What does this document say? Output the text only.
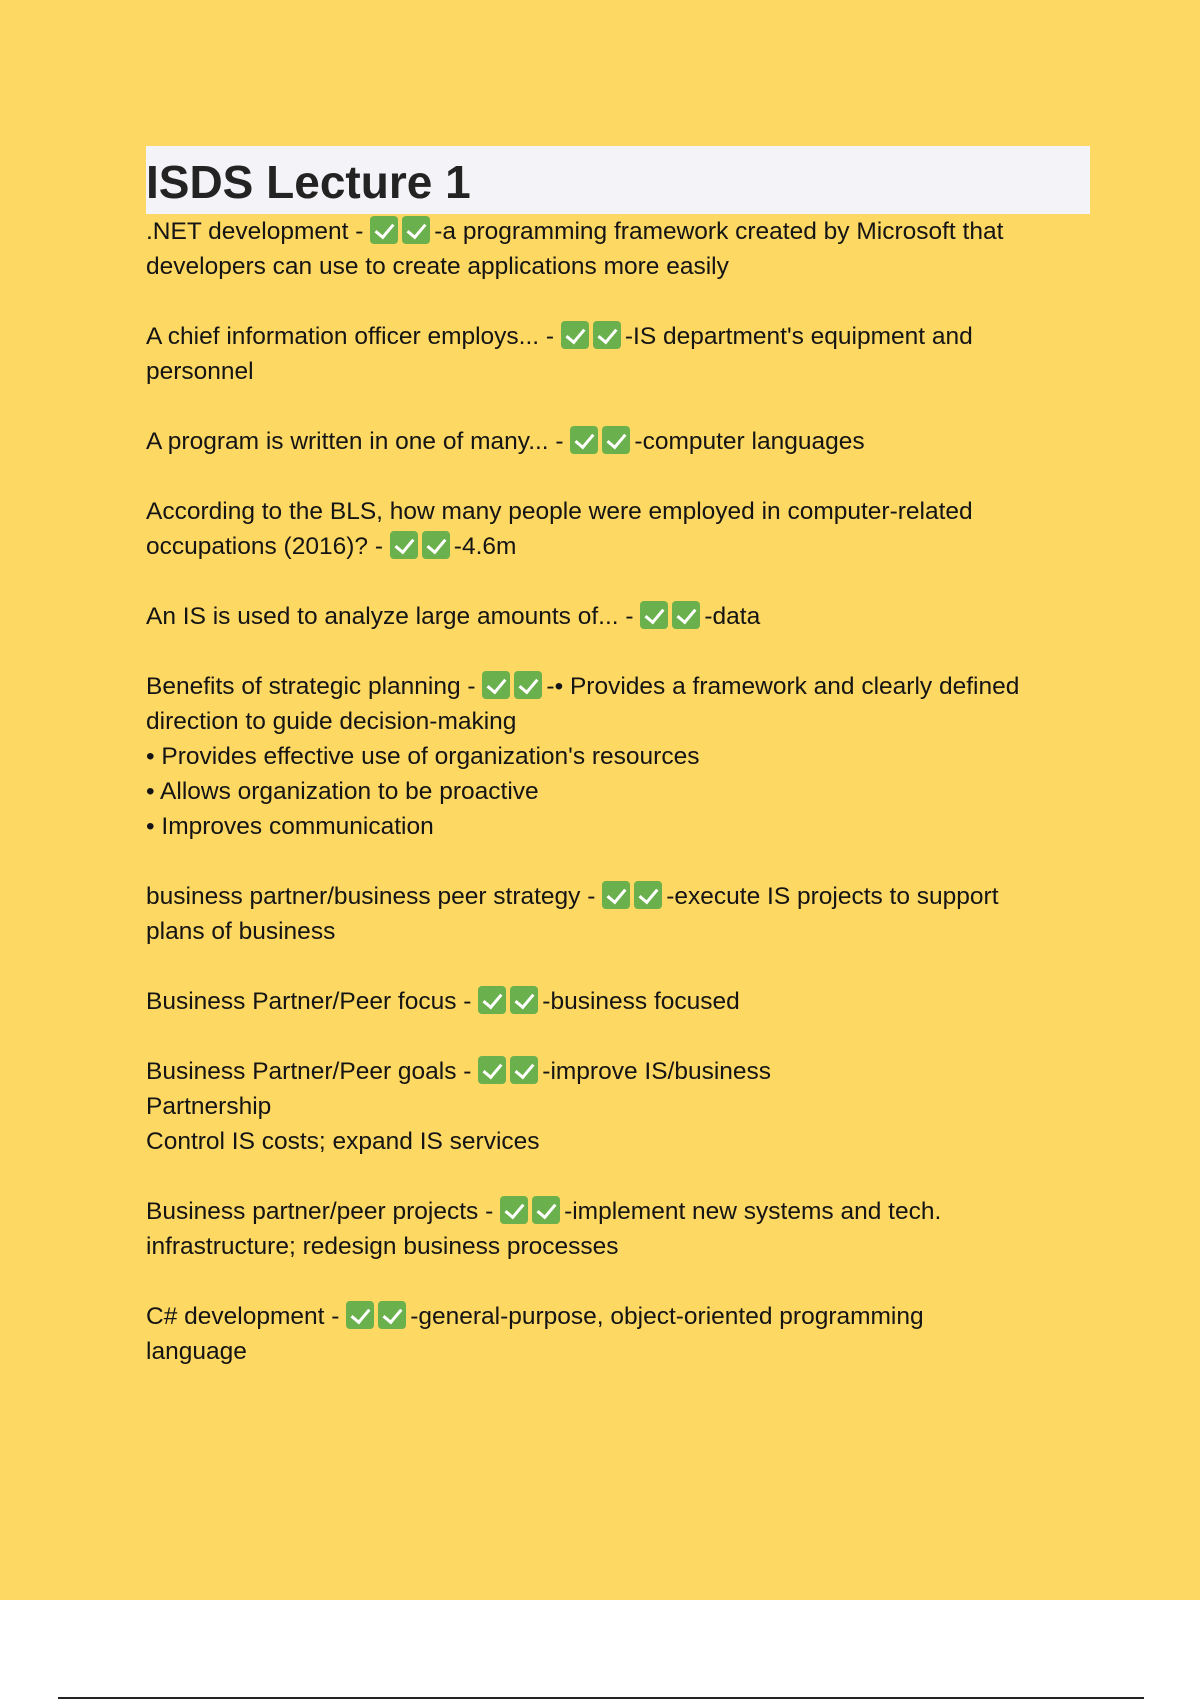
ISDS Lecture 1
.NET development -	-a programming framework created by Microsoft that
developers can use to create applications more easily
A chief information officer employs... -	-IS department's equipment and
personnel
A program is written in one of many... -	-computer languages
According to the BLS, how many people were employed in computer-related occupations (2016)? -	-4.6m
An IS is used to analyze large amounts of... -	-data
Benefits of strategic planning -	-• Provides a framework and clearly defined
direction to guide decision-making
• Provides effective use of organization's resources
• Allows organization to be proactive
• Improves communication
business partner/business peer strategy -	-execute IS projects to support
plans of business
Business Partner/Peer focus -	-business focused
Business Partner/Peer goals -	-improve IS/business
Partnership
Control IS costs; expand IS services
Business partner/peer projects -	-implement new systems and tech.
infrastructure; redesign business processes
C# development -	-general-purpose, object-oriented programming
language
